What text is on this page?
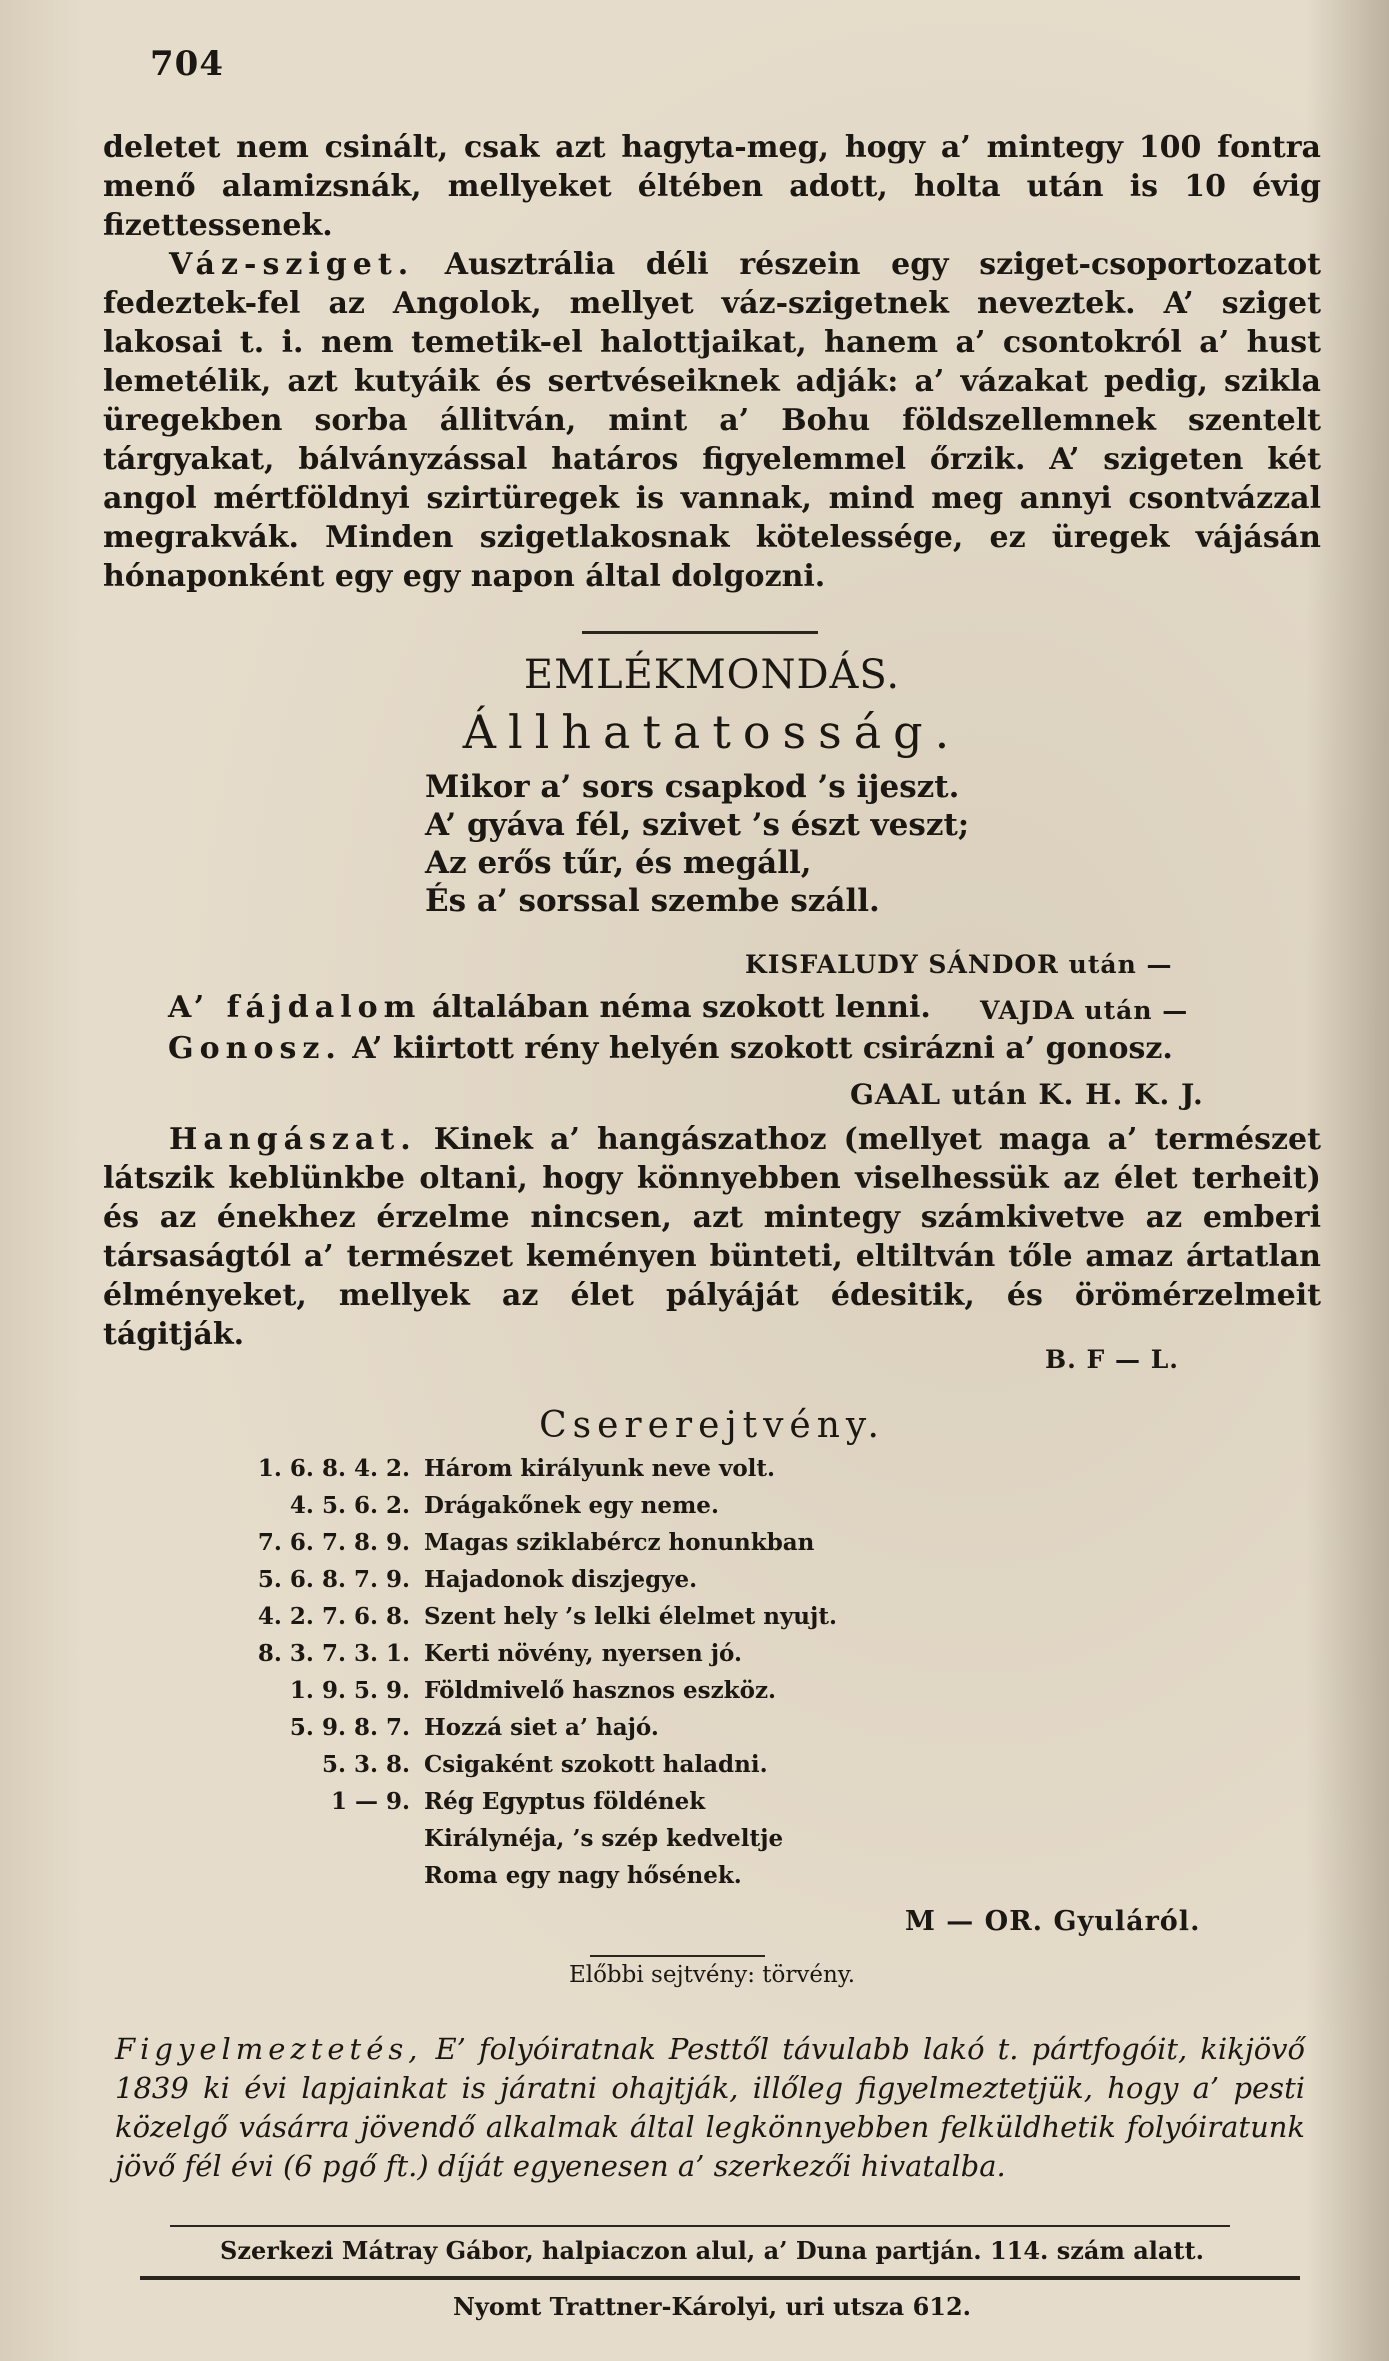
704

deletet nem csinált, csak azt hagyta-meg, hogy a’ mintegy 100 fontra menő alamizsnák, mellyeket éltében adott, holta után is 10 évig fizettessenek.

Váz-sziget. Ausztrália déli részein egy sziget-csoportozatot fedeztek-fel az Angolok, mellyet váz-szigetnek neveztek. A’ sziget lakosai t. i. nem temetik-el halottjaikat, hanem a’ csontokról a’ hust lemetélik, azt kutyáik és sertvéseiknek adják: a’ vázakat pedig, szikla üregekben sorba állitván, mint a’ Bohu földszellemnek szentelt tárgyakat, bálványzással határos figyelemmel őrzik. A’ szigeten két angol mértföldnyi szirtüregek is vannak, mind meg annyi csontvázzal megrakvák. Minden szigetlakosnak kötelessége, ez üregek vájásán hónaponként egy egy napon által dolgozni.

EMLÉKMONDÁS.
Állhatatosság.
Mikor a’ sors csapkod ’s ijeszt.
A’ gyáva fél, szivet ’s észt veszt;
Az erős tűr, és megáll,
És a’ sorssal szembe száll.
KISFALUDY SÁNDOR után —
A’ fájdalom általában néma szokott lenni. VAJDA után —
Gonosz. A’ kiirtott rény helyén szokott csirázni a’ gonosz.
GAAL után K. H. K. J.

Hangászat. Kinek a’ hangászathoz (mellyet maga a’ természet látszik keblünkbe oltani, hogy könnyebben viselhessük az élet terheit) és az énekhez érzelme nincsen, azt mintegy számkivetve az emberi társaságtól a’ természet keményen bünteti, eltiltván tőle amaz ártatlan élményeket, mellyek az élet pályáját édesitik, és örömérzelmeit tágitják.

B. F — L.
Csererejtvény.
1. 6. 8. 4. 2. Három királyunk neve volt.
4. 5. 6. 2. Drágakőnek egy neme.
7. 6. 7. 8. 9. Magas sziklabércz honunkban
5. 6. 8. 7. 9. Hajadonok diszjegye.
4. 2. 7. 6. 8. Szent hely ’s lelki élelmet nyujt.
8. 3. 7. 3. 1. Kerti növény, nyersen jó.
1. 9. 5. 9. Földmivelő hasznos eszköz.
5. 9. 8. 7. Hozzá siet a’ hajó.
5. 3. 8. Csigaként szokott haladni.
1 — 9. Rég Egyptus földének
Királynéja, ’s szép kedveltje
Roma egy nagy hősének.
M — OR. Gyuláról.
Előbbi sejtvény: törvény.
Figyelmeztetés, E’ folyóiratnak Pesttől távulabb lakó t. pártfogóit, kikjövő 1839 ki évi lapjainkat is járatni ohajtják, illőleg figyelmeztetjük, hogy a’ pesti közelgő vásárra jövendő alkalmak által legkönnyebben felküldhetik folyóiratunk jövő fél évi (6 pgő ft.) díját egyenesen a’ szerkezői hivatalba.
Szerkezi Mátray Gábor, halpiaczon alul, a’ Duna partján. 114. szám alatt.
Nyomt Trattner-Károlyi, uri utsza 612.
